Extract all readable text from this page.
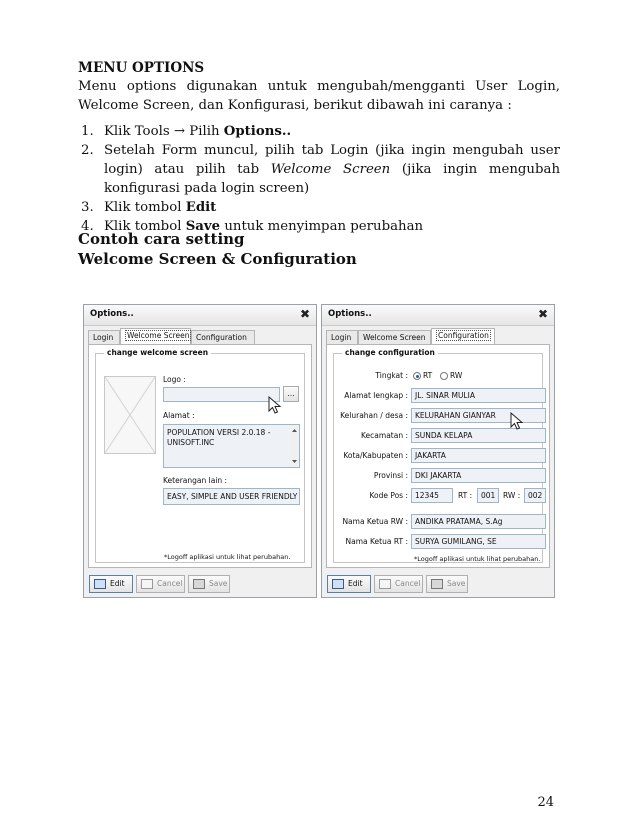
MENU OPTIONS
Menu options digunakan untuk mengubah/mengganti User Login, Welcome Screen, dan Konfigurasi, berikut dibawah ini caranya :
1. Klik Tools → Pilih Options..
2. Setelah Form muncul, pilih tab Login (jika ingin mengubah user login) atau pilih tab Welcome Screen (jika ingin mengubah konfigurasi pada login screen)
3. Klik tombol Edit
4. Klik tombol Save untuk menyimpan perubahan
Contoh cara setting
Welcome Screen & Configuration
Options..	✖
Login	Welcome Screen Configuration
change welcome screen
Logo :
...
Alamat :
POPULATION VERSI 2.0.18 - UNISOFT.INC
Keterangan lain :
EASY, SIMPLE AND USER FRIENDLY
*Logoff aplikasi untuk lihat perubahan.
Edit	Cancel	Save
Options..	✖
Login	Welcome Screen	Configuration
change configuration
Tingkat : RT RW
Alamat lengkap : JL. SINAR MULIA
Kelurahan / desa : KELURAHAN GIANYAR
Kecamatan : SUNDA KELAPA
Kota/Kabupaten : JAKARTA
Provinsi : DKI JAKARTA
Kode Pos : 12345	RT :	001	RW :	002
Nama Ketua RW : ANDIKA PRATAMA, S.Ag
Nama Ketua RT : SURYA GUMILANG, SE
*Logoff aplikasi untuk lihat perubahan.
Edit	Cancel	Save
24
